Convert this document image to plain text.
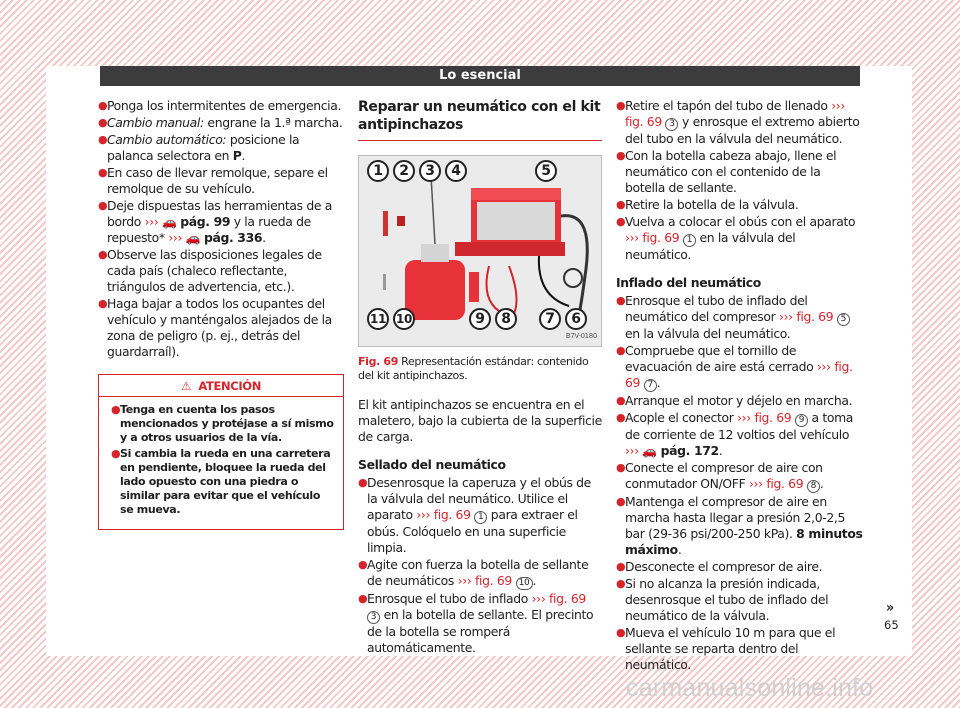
Lo esencial
● Ponga los intermitentes de emergencia.
● Cambio manual: engrane la 1.ª marcha.
● Cambio automático: posicione la palanca selectora en P.
● En caso de llevar remolque, separe el remolque de su vehículo.
● Deje dispuestas las herramientas de a bordo ››› 🚗 pág. 99 y la rueda de repuesto* ››› 🚗 pág. 336.
● Observe las disposiciones legales de cada país (chaleco reflectante, triángulos de advertencia, etc.).
● Haga bajar a todos los ocupantes del vehículo y manténgalos alejados de la zona de peligro (p. ej., detrás del guardarraíl).
⚠ ATENCIÓN
● Tenga en cuenta los pasos mencionados y protéjase a sí mismo y a otros usuarios de la vía.
● Si cambia la rueda en una carretera en pendiente, bloquee la rueda del lado opuesto con una piedra o similar para evitar que el vehículo se mueva.
Reparar un neumático con el kit antipinchazos
1	2	3	4	5
11 10	9	8	7	6
B7V-0180
Fig. 69 Representación estándar: contenido del kit antipinchazos.
El kit antipinchazos se encuentra en el maletero, bajo la cubierta de la superficie de carga.
Sellado del neumático
● Desenrosque la caperuza y el obús de la válvula del neumático. Utilice el aparato ››› fig. 69 1 para extraer el obús. Colóquelo en una superficie limpia.
● Agite con fuerza la botella de sellante de neumáticos ››› fig. 69 10 .
● Enrosque el tubo de inflado ››› fig. 69 3 en la botella de sellante. El precinto de la botella se romperá automáticamente.
● Retire el tapón del tubo de llenado ››› fig. 69 3 y enrosque el extremo abierto del tubo en la válvula del neumático.
● Con la botella cabeza abajo, llene el neumático con el contenido de la botella de sellante.
● Retire la botella de la válvula.
● Vuelva a colocar el obús con el aparato ››› fig. 69 1 en la válvula del neumático.
Inflado del neumático
● Enrosque el tubo de inflado del neumático del compresor ››› fig. 69 5 en la válvula del neumático.
● Compruebe que el tornillo de evacuación de aire está cerrado ››› fig. 69 7 .
● Arranque el motor y déjelo en marcha.
● Acople el conector ››› fig. 69 9 a toma de corriente de 12 voltios del vehículo ››› 🚗 pág. 172.
● Conecte el compresor de aire con conmutador ON/OFF ››› fig. 69 8 .
● Mantenga el compresor de aire en marcha hasta llegar a presión 2,0-2,5 bar (29-36 psi/200-250 kPa). 8 minutos máximo.
● Desconecte el compresor de aire.
● Si no alcanza la presión indicada, desenrosque el tubo de inflado del neumático de la válvula.
● Mueva el vehículo 10 m para que el sellante se reparta dentro del neumático.
»
65
carmanualsonline.info
